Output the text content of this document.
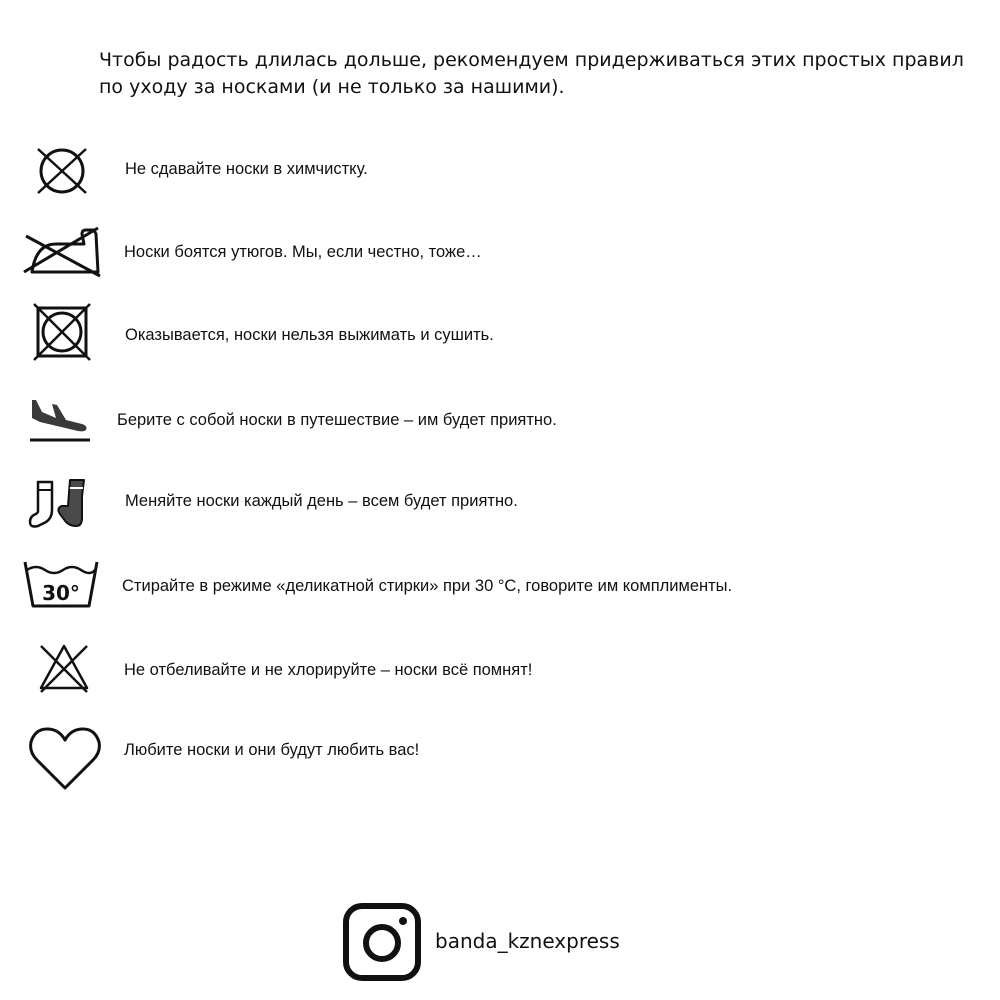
Чтобы радость длилась дольше, рекомендуем придерживаться этих простых правил
по уходу за носками (и не только за нашими).
Не сдавайте носки в химчистку.
Носки боятся утюгов. Мы, если честно, тоже…
Оказывается, носки нельзя выжимать и сушить.
Берите с собой носки в путешествие – им будет приятно.
Меняйте носки каждый день – всем будет приятно.
30°	Стирайте в режиме «деликатной стирки» при 30 °C, говорите им комплименты.
Не отбеливайте и не хлорируйте – носки всё помнят!
Любите носки и они будут любить вас!
banda_kznexpress
